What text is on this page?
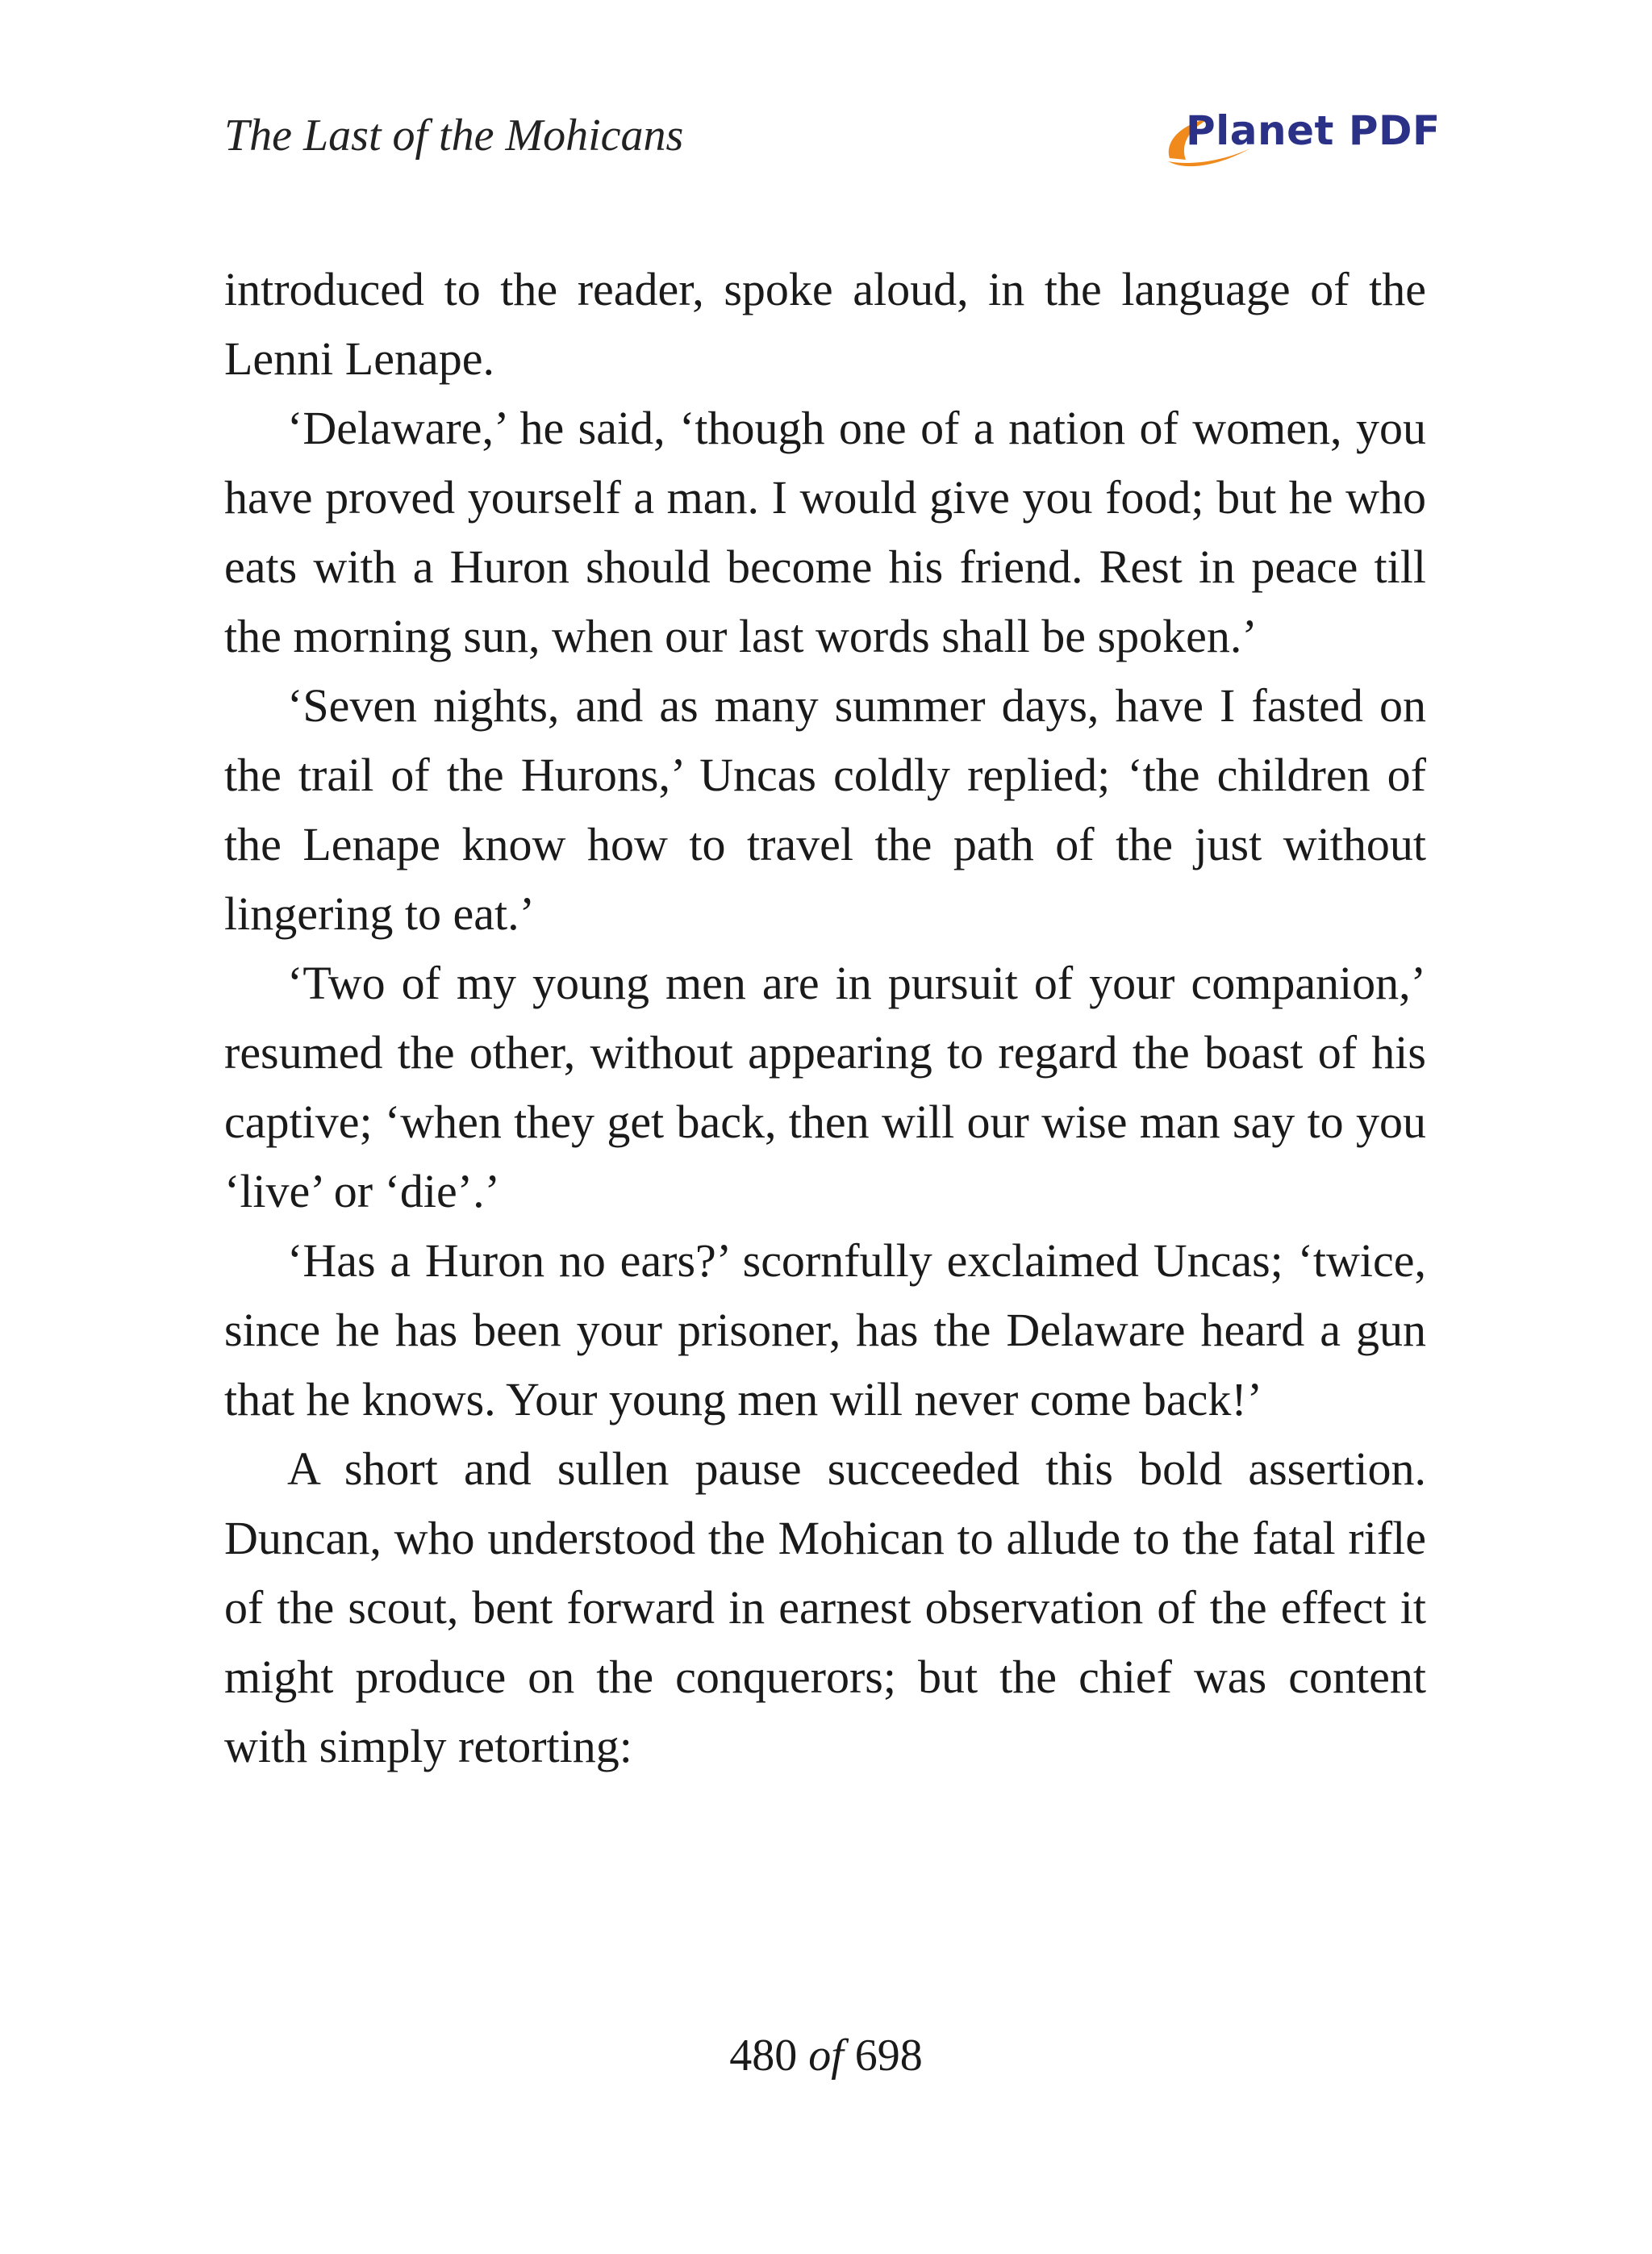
The Last of the Mohicans	Planet PDF

introduced to the reader, spoke aloud, in the language of the Lenni Lenape.

‘Delaware,’ he said, ‘though one of a nation of women, you have proved yourself a man. I would give you food; but he who eats with a Huron should become his friend. Rest in peace till the morning sun, when our last words shall be spoken.’

‘Seven nights, and as many summer days, have I fasted on the trail of the Hurons,’ Uncas coldly replied; ‘the children of the Lenape know how to travel the path of the just without lingering to eat.’

‘Two of my young men are in pursuit of your companion,’ resumed the other, without appearing to regard the boast of his captive; ‘when they get back, then will our wise man say to you ‘live’ or ‘die’.’

‘Has a Huron no ears?’ scornfully exclaimed Uncas; ‘twice, since he has been your prisoner, has the Delaware heard a gun that he knows. Your young men will never come back!’

A short and sullen pause succeeded this bold assertion. Duncan, who understood the Mohican to allude to the fatal rifle of the scout, bent forward in earnest observation of the effect it might produce on the conquerors; but the chief was content with simply retorting:

480 of 698
